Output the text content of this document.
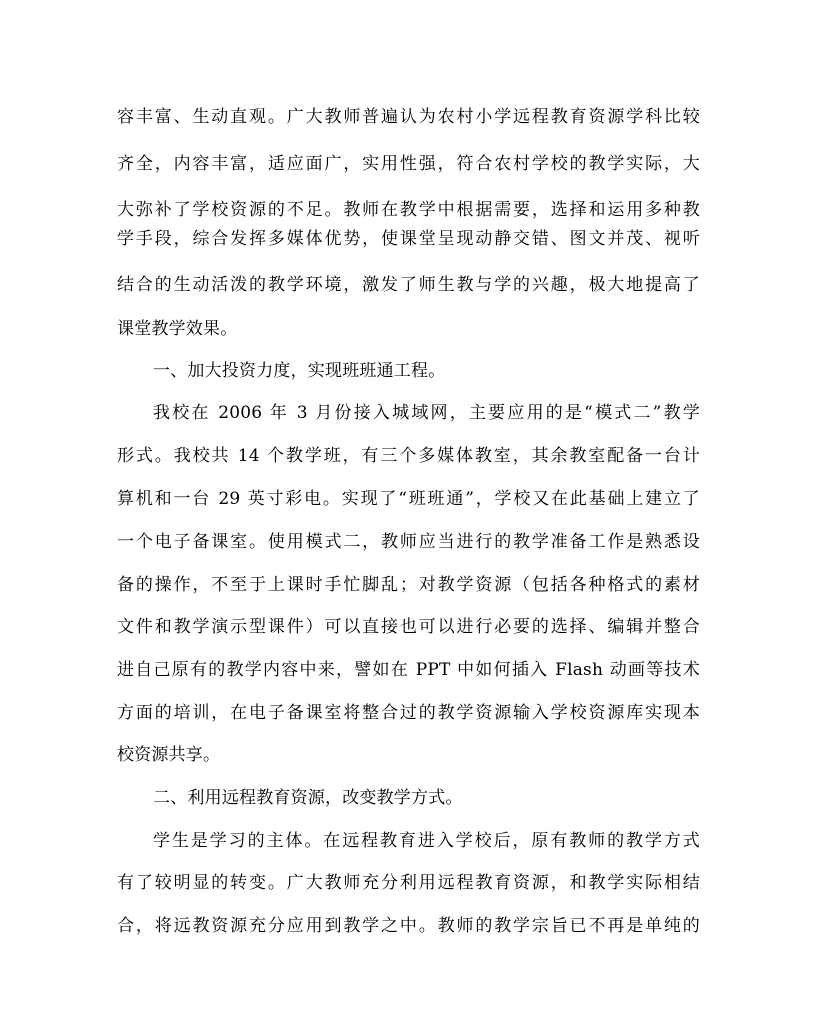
容丰富、生动直观。广大教师普遍认为农村小学远程教育资源学科比较
齐全，内容丰富，适应面广，实用性强，符合农村学校的教学实际，大
大弥补了学校资源的不足。教师在教学中根据需要，选择和运用多种教
学手段，综合发挥多媒体优势，使课堂呈现动静交错、图文并茂、视听
结合的生动活泼的教学环境，激发了师生教与学的兴趣，极大地提高了
课堂教学效果。
一、加大投资力度，实现班班通工程。
我校在 2006 年 3 月份接入城域网，主要应用的是“模式二”教学
形式。我校共 14 个教学班，有三个多媒体教室，其余教室配备一台计
算机和一台 29 英寸彩电。实现了“班班通”，学校又在此基础上建立了
一个电子备课室。使用模式二，教师应当进行的教学准备工作是熟悉设
备的操作，不至于上课时手忙脚乱；对教学资源（包括各种格式的素材
文件和教学演示型课件）可以直接也可以进行必要的选择、编辑并整合
进自己原有的教学内容中来，譬如在 PPT 中如何插入 Flash 动画等技术
方面的培训，在电子备课室将整合过的教学资源输入学校资源库实现本
校资源共享。
二、利用远程教育资源，改变教学方式。
学生是学习的主体。在远程教育进入学校后，原有教师的教学方式
有了较明显的转变。广大教师充分利用远程教育资源，和教学实际相结
合，将远教资源充分应用到教学之中。教师的教学宗旨已不再是单纯的
